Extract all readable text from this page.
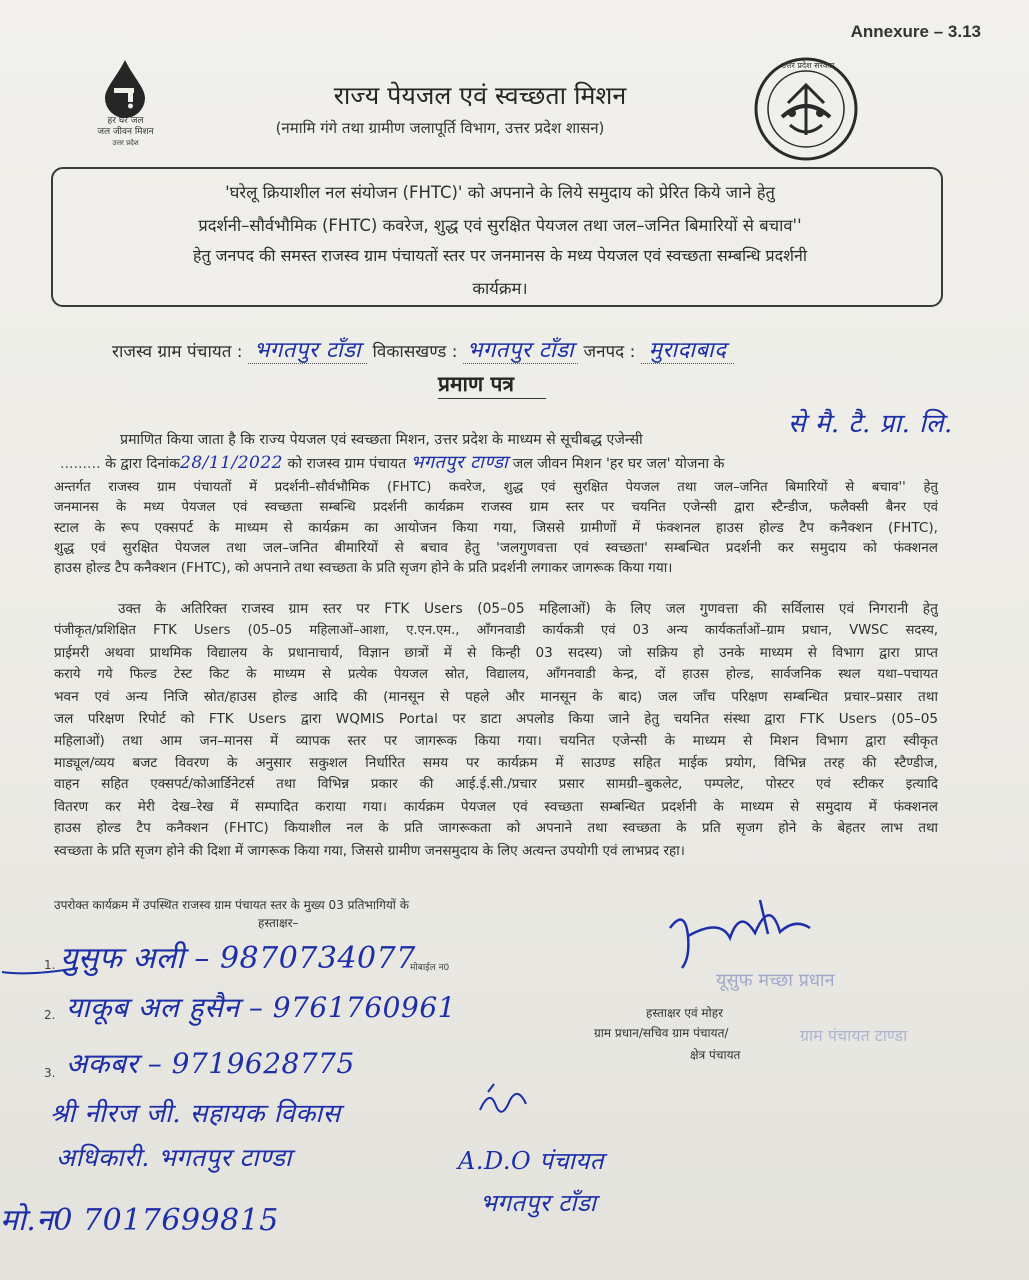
Annexure – 3.13
हर घर जल
जल जीवन मिशन
उत्तर प्रदेश
राज्य पेयजल एवं स्वच्छता मिशन
(नमामि गंगे तथा ग्रामीण जलापूर्ति विभाग, उत्तर प्रदेश शासन)
उत्तर प्रदेश सरकार
'घरेलू क्रियाशील नल संयोजन (FHTC)' को अपनाने के लिये समुदाय को प्रेरित किये जाने हेतु
प्रदर्शनी–सौर्वभौमिक (FHTC) कवरेज, शुद्ध एवं सुरक्षित पेयजल तथा जल–जनित बिमारियों से बचाव''
हेतु जनपद की समस्त राजस्व ग्राम पंचायतों स्तर पर जनमानस के मध्य पेयजल एवं स्वच्छता सम्बन्धि प्रदर्शनी
कार्यक्रम।
राजस्व ग्राम पंचायत : भगतपुर टाँडा विकासखण्ड : भगतपुर टाँडा जनपद : मुरादाबाद
प्रमाण पत्र
प्रमाणित किया जाता है कि राज्य पेयजल एवं स्वच्छता मिशन, उत्तर प्रदेश के माध्यम से सूचीबद्ध एजेन्सी
से मै. टै. प्रा. लि.
......... के द्वारा दिनांक28/11/2022 को राजस्व ग्राम पंचायत भगतपुर टाण्डा जल जीवन मिशन 'हर घर जल' योजना के
अन्तर्गत राजस्व ग्राम पंचायतों में प्रदर्शनी–सौर्वभौमिक (FHTC) कवरेज, शुद्ध एवं सुरक्षित पेयजल तथा जल–जनित बिमारियों से बचाव'' हेतु
जनमानस के मध्य पेयजल एवं स्वच्छता सम्बन्धि प्रदर्शनी कार्यक्रम राजस्व ग्राम स्तर पर चयनित एजेन्सी द्वारा स्टैन्डीज, फलैक्सी बैनर एवं
स्टाल के रूप एक्सपर्ट के माध्यम से कार्यक्रम का आयोजन किया गया, जिससे ग्रामीणों में फंक्शनल हाउस होल्ड टैप कनैक्शन (FHTC),
शुद्ध एवं सुरक्षित पेयजल तथा जल–जनित बीमारियों से बचाव हेतु 'जलगुणवत्ता एवं स्वच्छता' सम्बन्धित प्रदर्शनी कर समुदाय को फंक्शनल
हाउस होल्ड टैप कनैक्शन (FHTC), को अपनाने तथा स्वच्छता के प्रति सृजग होने के प्रति प्रदर्शनी लगाकर जागरूक किया गया।
उक्त के अतिरिक्त राजस्व ग्राम स्तर पर FTK Users (05–05 महिलाओं) के लिए जल गुणवत्ता की सर्विलास एवं निगरानी हेतु
पंजीकृत/प्रशिक्षित FTK Users (05–05 महिलाओं–आशा, ए.एन.एम., आँगनवाडी कार्यकत्री एवं 03 अन्य कार्यकर्ताओं–ग्राम प्रधान, VWSC सदस्य,
प्राईमरी अथवा प्राथमिक विद्यालय के प्रधानाचार्य, विज्ञान छात्रों में से किन्ही 03 सदस्य) जो सक्रिय हो उनके माध्यम से विभाग द्वारा प्राप्त
कराये गये फिल्ड टेस्ट किट के माध्यम से प्रत्येक पेयजल स्रोत, विद्यालय, आँगनवाडी केन्द्र, दों हाउस होल्ड, सार्वजनिक स्थल यथा–पचायत
भवन एवं अन्य निजि स्रोत/हाउस होल्ड आदि की (मानसून से पहले और मानसून के बाद) जल जाँच परिक्षण सम्बन्धित प्रचार–प्रसार तथा
जल परिक्षण रिपोर्ट को FTK Users द्वारा WQMIS Portal पर डाटा अपलोड किया जाने हेतु चयनित संस्था द्वारा FTK Users (05–05
महिलाओं) तथा आम जन–मानस में व्यापक स्तर पर जागरूक किया गया। चयनित एजेन्सी के माध्यम से मिशन विभाग द्वारा स्वीकृत
माड्यूल/व्यय बजट विवरण के अनुसार सकुशल निर्धारित समय पर कार्यक्रम में साउण्ड सहित माईक प्रयोग, विभिन्न तरह की स्टैण्डीज,
वाहन सहित एक्सपर्ट/कोआर्डिनेटर्स तथा विभिन्न प्रकार की आई.ई.सी./प्रचार प्रसार सामग्री–बुकलेट, पम्पलेट, पोस्टर एवं स्टीकर इत्यादि
वितरण कर मेरी देख–रेख में सम्पादित कराया गया। कार्यक्रम पेयजल एवं स्वच्छता सम्बन्धित प्रदर्शनी के माध्यम से समुदाय में फंक्शनल
हाउस होल्ड टैप कनैक्शन (FHTC) कियाशील नल के प्रति जागरूकता को अपनाने तथा स्वच्छता के प्रति सृजग होने के बेहतर लाभ तथा
स्वच्छता के प्रति सृजग होने की दिशा में जागरूक किया गया, जिससे ग्रामीण जनसमुदाय के लिए अत्यन्त उपयोगी एवं लाभप्रद रहा।
उपरोक्त कार्यक्रम में उपस्थित राजस्व ग्राम पंचायत स्तर के मुख्य 03 प्रतिभागियों के
हस्ताक्षर–
1. युसुफ अली – 9870734077
मोबाईल न0
2. याकूब अल हुसैन – 9761760961
3. अकबर – 9719628775
यूसुफ मच्छा प्रधान
ग्राम पंचायत टाण्डा
हस्ताक्षर एवं मोहर
ग्राम प्रधान/सचिव ग्राम पंचायत/
क्षेत्र पंचायत
श्री नीरज जी. सहायक विकास
अधिकारी. भगतपुर टाण्डा
मो.न0 7017699815
A.D.O पंचायत
भगतपुर टाँडा
